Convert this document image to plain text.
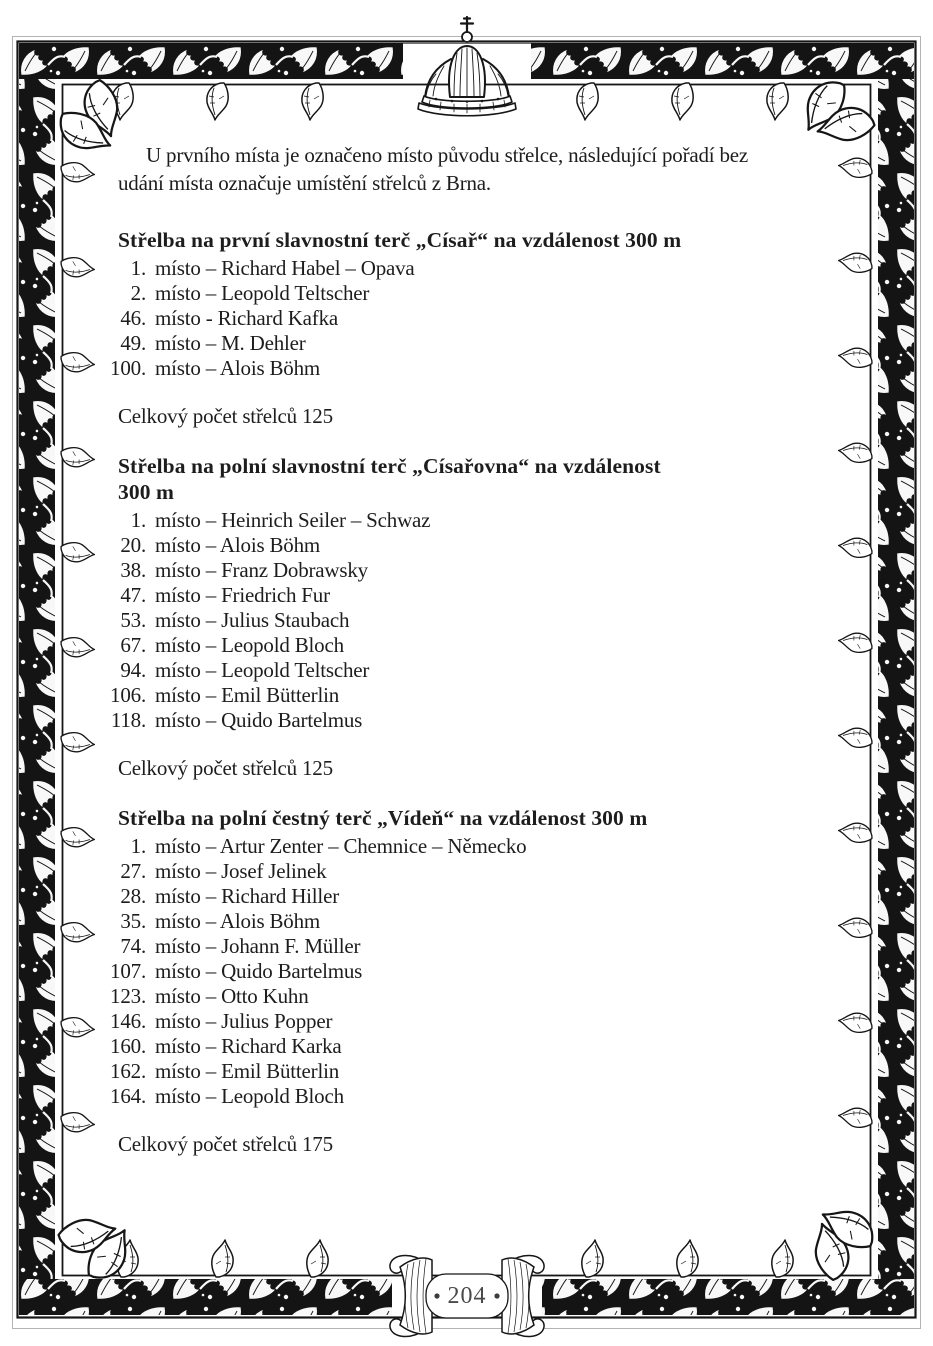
U prvního místa je označeno místo původu střelce, následující pořadí bez
udání místa označuje umístění střelců z Brna.

Střelba na první slavnostní terč „Císař“ na vzdálenost 300 m
1. místo – Richard Habel – Opava
2. místo – Leopold Teltscher
46. místo - Richard Kafka
49. místo – M. Dehler
100. místo – Alois Böhm

Celkový počet střelců 125

Střelba na polní slavnostní terč „Císařovna“ na vzdálenost
300 m
1. místo – Heinrich Seiler – Schwaz
20. místo – Alois Böhm
38. místo – Franz Dobrawsky
47. místo – Friedrich Fur
53. místo – Julius Staubach
67. místo – Leopold Bloch
94. místo – Leopold Teltscher
106. místo – Emil Bütterlin
118. místo – Quido Bartelmus

Celkový počet střelců 125

Střelba na polní čestný terč „Vídeň“ na vzdálenost 300 m
1. místo – Artur Zenter – Chemnice – Německo
27. místo – Josef Jelinek
28. místo – Richard Hiller
35. místo – Alois Böhm
74. místo – Johann F. Müller
107. místo – Quido Bartelmus
123. místo – Otto Kuhn
146. místo – Julius Popper
160. místo – Richard Karka
162. místo – Emil Bütterlin
164. místo – Leopold Bloch

Celkový počet střelců 175

204
